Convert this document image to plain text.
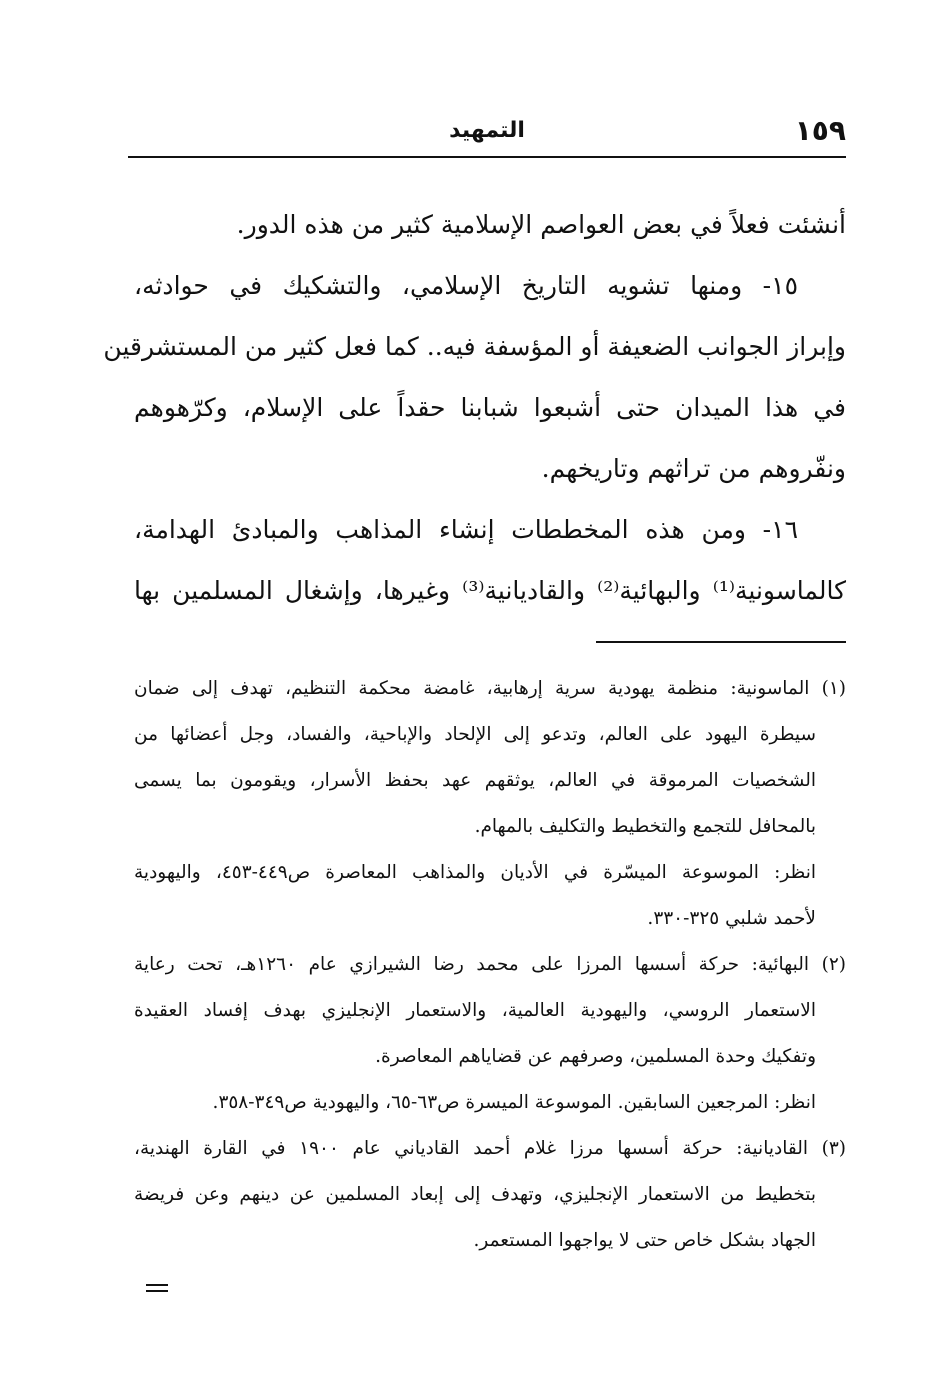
١٥٩
التمهيد
أنشئت فعلاً في بعض العواصم الإسلامية كثير من هذه الدور.
١٥- ومنها تشويه التاريخ الإسلامي، والتشكيك في حوادثه،
وإبراز الجوانب الضعيفة أو المؤسفة فيه.. كما فعل كثير من المستشرقين
في هذا الميدان حتى أشبعوا شبابنا حقداً على الإسلام، وكرّهوهم
ونفّروهم من تراثهم وتاريخهم.
١٦- ومن هذه المخططات إنشاء المذاهب والمبادئ الهدامة،
كالماسونية⁽¹⁾ والبهائية⁽²⁾ والقاديانية⁽³⁾ وغيرها، وإشغال المسلمين بها
(١) الماسونية: منظمة يهودية سرية إرهابية، غامضة محكمة التنظيم، تهدف إلى ضمان
سيطرة اليهود على العالم، وتدعو إلى الإلحاد والإباحية، والفساد، وجل أعضائها من
الشخصيات المرموقة في العالم، يوثقهم عهد بحفظ الأسرار، ويقومون بما يسمى
بالمحافل للتجمع والتخطيط والتكليف بالمهام.
انظر: الموسوعة الميسّرة في الأديان والمذاهب المعاصرة ص٤٤٩-٤٥٣، واليهودية
لأحمد شلبي ٣٢٥-٣٣٠.
(٢) البهائية: حركة أسسها المرزا على محمد رضا الشيرازي عام ١٢٦٠هـ، تحت رعاية
الاستعمار الروسي، واليهودية العالمية، والاستعمار الإنجليزي بهدف إفساد العقيدة
وتفكيك وحدة المسلمين، وصرفهم عن قضاياهم المعاصرة.
انظر: المرجعين السابقين. الموسوعة الميسرة ص٦٣-٦٥، واليهودية ص٣٤٩-٣٥٨.
(٣) القاديانية: حركة أسسها مرزا غلام أحمد القادياني عام ١٩٠٠ في القارة الهندية،
بتخطيط من الاستعمار الإنجليزي، وتهدف إلى إبعاد المسلمين عن دينهم وعن فريضة
الجهاد بشكل خاص حتى لا يواجهوا المستعمر.
